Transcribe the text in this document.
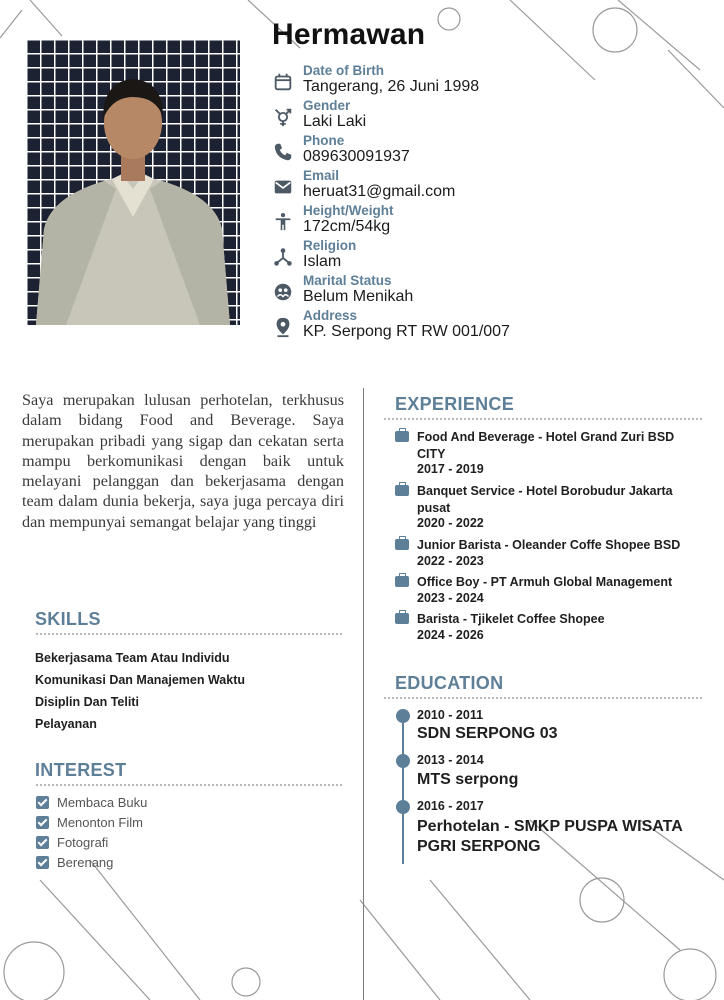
Hermawan
Date of Birth
Tangerang, 26 Juni 1998
Gender
Laki Laki
Phone
089630091937
Email
heruat31@gmail.com
Height/Weight
172cm/54kg
Religion
Islam
Marital Status
Belum Menikah
Address
KP. Serpong RT RW 001/007

Saya merupakan lulusan perhotelan, terkhusus dalam bidang Food and Beverage. Saya merupakan pribadi yang sigap dan cekatan serta mampu berkomunikasi dengan baik untuk melayani pelanggan dan bekerjasama dengan team dalam dunia bekerja, saya juga percaya diri dan mempunyai semangat belajar yang tinggi

SKILLS
Bekerjasama Team Atau Individu
Komunikasi Dan Manajemen Waktu
Disiplin Dan Teliti
Pelayanan
INTEREST
Membaca Buku
Menonton Film
Fotografi
Berenang
EXPERIENCE
Food And Beverage - Hotel Grand Zuri BSD CITY
2017 - 2019
Banquet Service - Hotel Borobudur Jakarta pusat
2020 - 2022
Junior Barista - Oleander Coffe Shopee BSD
2022 - 2023
Office Boy - PT Armuh Global Management
2023 - 2024
Barista - Tjikelet Coffee Shopee
2024 - 2026
EDUCATION
2010 - 2011
SDN SERPONG 03
2013 - 2014
MTS serpong
2016 - 2017
Perhotelan - SMKP PUSPA WISATA PGRI SERPONG
